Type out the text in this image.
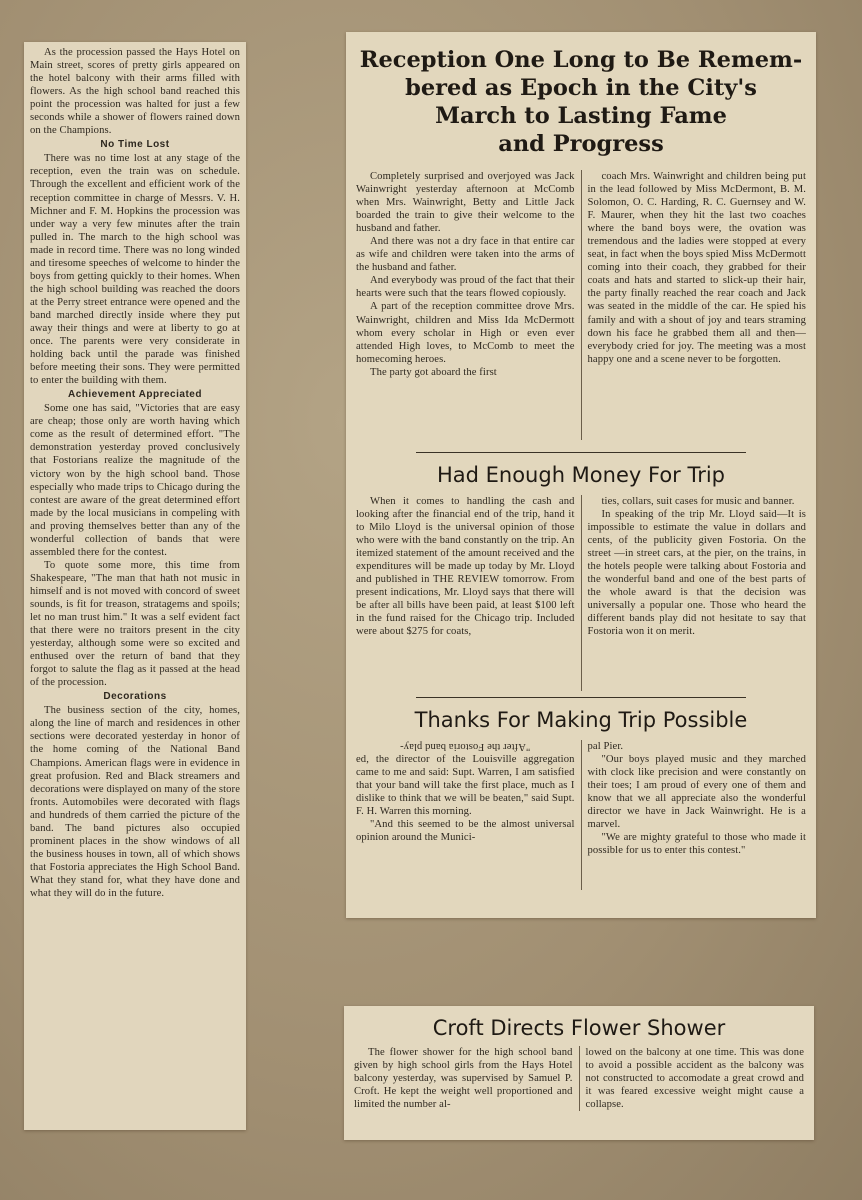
As the procession passed the Hays Hotel on Main street, scores of pretty girls appeared on the hotel balcony with their arms filled with flowers. As the high school band reached this point the procession was halted for just a few seconds while a shower of flowers rained down on the Champions.

No Time Lost

There was no time lost at any stage of the reception, even the train was on schedule. Through the excellent and efficient work of the reception committee in charge of Messrs. V. H. Michner and F. M. Hopkins the procession was under way a very few minutes after the train pulled in. The march to the high school was made in record time. There was no long winded and tiresome speeches of welcome to hinder the boys from getting quickly to their homes. When the high school building was reached the doors at the Perry street entrance were opened and the band marched directly inside where they put away their things and were at liberty to go at once. The parents were very considerate in holding back until the parade was finished before meeting their sons. They were permitted to enter the building with them.

Achievement Appreciated

Some one has said, "Victories that are easy are cheap; those only are worth having which come as the result of determined effort. "The demonstration yesterday proved conclusively that Fostorians realize the magnitude of the victory won by the high school band. Those especially who made trips to Chicago during the contest are aware of the great determined effort made by the local musicians in compeling with and proving themselves better than any of the wonderful collection of bands that were assembled there for the contest.

To quote some more, this time from Shakespeare, "The man that hath not music in himself and is not moved with concord of sweet sounds, is fit for treason, stratagems and spoils; let no man trust him." It was a self evident fact that there were no traitors present in the city yesterday, although some were so excited and enthused over the return of band that they forgot to salute the flag as it passed at the head of the procession.

Decorations

The business section of the city, homes, along the line of march and residences in other sections were decorated yesterday in honor of the home coming of the National Band Champions. American flags were in evidence in great profusion. Red and Black streamers and decorations were displayed on many of the store fronts. Automobiles were decorated with flags and hundreds of them carried the picture of the band. The band pictures also occupied prominent places in the show windows of all the business houses in town, all of which shows that Fostoria appreciates the High School Band. What they stand for, what they have done and what they will do in the future.

Reception One Long to Be Remem-
bered as Epoch in the City's
March to Lasting Fame
and Progress

Completely surprised and overjoyed was Jack Wainwright yesterday afternoon at McComb when Mrs. Wainwright, Betty and Little Jack boarded the train to give their welcome to the husband and father.

And there was not a dry face in that entire car as wife and children were taken into the arms of the husband and father.

And everybody was proud of the fact that their hearts were such that the tears flowed copiously.

A part of the reception committee drove Mrs. Wainwright, children and Miss Ida McDermott whom every scholar in High or even ever attended High loves, to McComb to meet the homecoming heroes.

The party got aboard the first

coach Mrs. Wainwright and children being put in the lead followed by Miss McDermont, B. M. Solomon, O. C. Harding, R. C. Guernsey and W. F. Maurer, when they hit the last two coaches where the band boys were, the ovation was tremendous and the ladies were stopped at every seat, in fact when the boys spied Miss McDermott coming into their coach, they grabbed for their coats and hats and started to slick-up their hair, the party finally reached the rear coach and Jack was seated in the middle of the car. He spied his family and with a shout of joy and tears straming down his face he grabbed them all and then—everybody cried for joy. The meeting was a most happy one and a scene never to be forgotten.

Had Enough Money For Trip

When it comes to handling the cash and looking after the financial end of the trip, hand it to Milo Lloyd is the universal opinion of those who were with the band constantly on the trip. An itemized statement of the amount received and the expenditures will be made up today by Mr. Lloyd and published in THE REVIEW tomorrow. From present indications, Mr. Lloyd says that there will be after all bills have been paid, at least $100 left in the fund raised for the Chicago trip. Included were about $275 for coats,

ties, collars, suit cases for music and banner.

In speaking of the trip Mr. Lloyd said—It is impossible to estimate the value in dollars and cents, of the publicity given Fostoria. On the street —in street cars, at the pier, on the trains, in the hotels people were talking about Fostoria and the wonderful band and one of the best parts of the whole award is that the decision was universally a popular one. Those who heard the different bands play did not hesitate to say that Fostoria won it on merit.

Thanks For Making Trip Possible
"After the Fostoria band play-

ed, the director of the Louisville aggregation came to me and said: Supt. Warren, I am satisfied that your band will take the first place, much as I dislike to think that we will be beaten," said Supt. F. H. Warren this morning.

"And this seemed to be the almost universal opinion around the Munici-

pal Pier.

"Our boys played music and they marched with clock like precision and were constantly on their toes; I am proud of every one of them and know that we all appreciate also the wonderful director we have in Jack Wainwright. He is a marvel.

"We are mighty grateful to those who made it possible for us to enter this contest."

Croft Directs Flower Shower

The flower shower for the high school band given by high school girls from the Hays Hotel balcony yesterday, was supervised by Samuel P. Croft. He kept the weight well proportioned and limited the number al-

lowed on the balcony at one time. This was done to avoid a possible accident as the balcony was not constructed to accomodate a great crowd and it was feared excessive weight might cause a collapse.
